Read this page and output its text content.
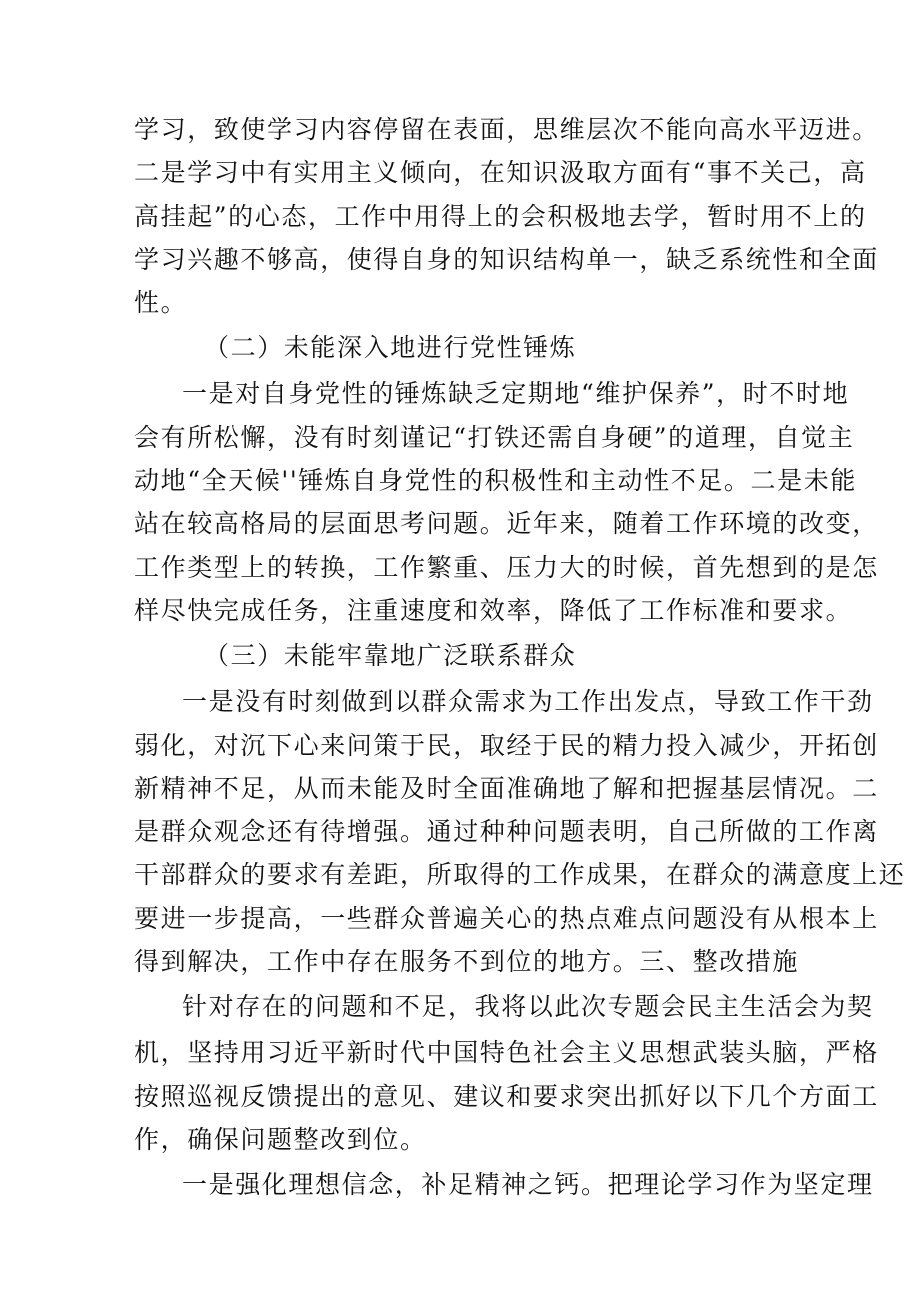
学习，致使学习内容停留在表面，思维层次不能向高水平迈进。
二是学习中有实用主义倾向，在知识汲取方面有“事不关己，高
高挂起”的心态，工作中用得上的会积极地去学，暂时用不上的
学习兴趣不够高，使得自身的知识结构单一，缺乏系统性和全面
性。
（二）未能深入地进行党性锤炼
一是对自身党性的锤炼缺乏定期地“维护保养”，时不时地
会有所松懈，没有时刻谨记“打铁还需自身硬”的道理，自觉主
动地“全天候''锤炼自身党性的积极性和主动性不足。二是未能
站在较高格局的层面思考问题。近年来，随着工作环境的改变，
工作类型上的转换，工作繁重、压力大的时候，首先想到的是怎
样尽快完成任务，注重速度和效率，降低了工作标准和要求。
（三）未能牢靠地广泛联系群众
一是没有时刻做到以群众需求为工作出发点，导致工作干劲
弱化，对沉下心来问策于民，取经于民的精力投入减少，开拓创
新精神不足，从而未能及时全面准确地了解和把握基层情况。二
是群众观念还有待增强。通过种种问题表明，自己所做的工作离
干部群众的要求有差距，所取得的工作成果，在群众的满意度上还
要进一步提高，一些群众普遍关心的热点难点问题没有从根本上
得到解决，工作中存在服务不到位的地方。三、整改措施
针对存在的问题和不足，我将以此次专题会民主生活会为契
机，坚持用习近平新时代中国特色社会主义思想武装头脑，严格
按照巡视反馈提出的意见、建议和要求突出抓好以下几个方面工
作，确保问题整改到位。
一是强化理想信念，补足精神之钙。把理论学习作为坚定理
